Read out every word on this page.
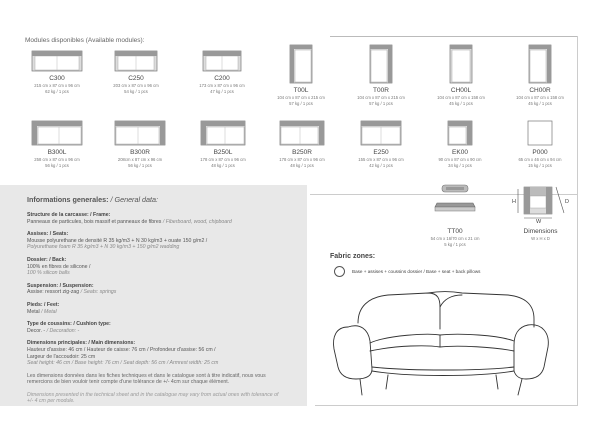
Modules disponibles (Available modules):
C300
215 cm x 87 cm x 96 cm
62 kg / 1 pcs
C250
203 cm x 87 cm x 96 cm
54 kg / 1 pcs
C200
173 cm x 87 cm x 96 cm
47 kg / 1 pcs	T00L
104 cm x 87 cm x 215 cm
57 kg / 1 pcs
T00R
104 cm x 87 cm x 215 cm
57 kg / 1 pcs
CH00L
104 cm x 87 cm x 158 cm
45 kg / 1 pcs
CH00R
104 cm x 87 cm x 158 cm
45 kg / 1 pcs
B300L
258 cm x 87 cm x 96 cm
56 kg / 1 pcs
B300R
208cm x 87 cm x 96 cm
56 kg / 1 pcs
B250L
178 cm x 87 cm x 96 cm
48 kg / 1 pcs
B250R
178 cm x 87 cm x 96 cm
48 kg / 1 pcs
E250
155 cm x 87 cm x 96 cm
42 kg / 1 pcs
EK00
90 cm x 87 cm x 90 cm
34 kg / 1 pcs
P000
65 cm x 46 cm x 94 cm
15 kg / 1 pcs
Informations generales: / General data:
Structure de la carcasse: / Frame:
Panneaux de particules, bois massif et panneaux de fibres / Fiberboard, wood, chipboard
Assises: / Seats:
Mousse polyurethane de densité R 35 kg/m3 + N 30 kg/m3 + ouate 150 g/m2 /
Polyurethane foam R 35 kg/m3 + N 30 kg/m3 + 150 g/m2 wadding
Dossier: / Back:
100% en fibres de silicone /
100 % silicon balls
Suspension: / Suspension:
Assise: ressort zig-zag / Seats: springs
Pieds: / Feet:
Metal / Metal
Type de coussins: / Cushion type:
Decor. - / Decoration: -
Dimensions principales: / Main dimensions:
Hauteur d'assise: 46 cm / Hauteur de caisse: 76 cm / Profondeur d'assise: 56 cm /
Largeur de l'accoudoir: 25 cm
Seat height: 46 cm / Base height: 76 cm / Seat depth: 56 cm / Armrest width: 25 cm
Les dimensions données dans les fiches techniques et dans le catalogue sont à titre indicatif, nous vous remercions de bien vouloir tenir compte d'une tolérance de +/- 4cm sur chaque élément.
Dimensions presented in the technical sheet and in the catalogue may vary from actual ones with tolerance of +/- 4 cm per module.
TT00
54 cm x 16/70 cm x 21 cm
5 kg / 1 pcs
H
W
D
Dimensions
W x H x D
Fabric zones:
Base + assises + coussins dossier / Base + seat + back pillows
